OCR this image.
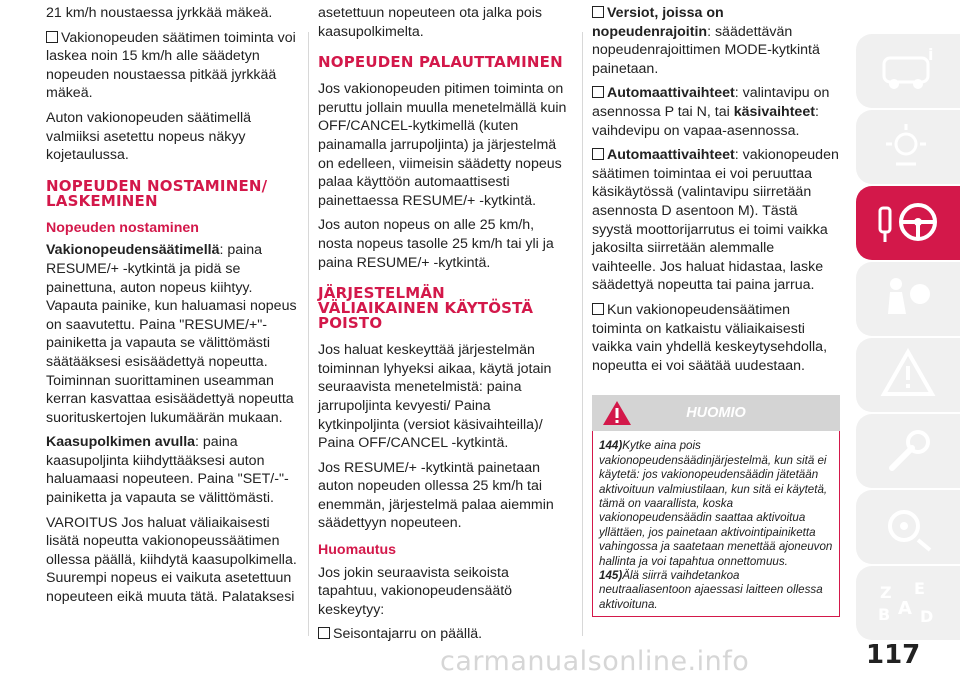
21 km/h noustaessa jyrkkää mäkeä.

Vakionopeuden säätimen toiminta voi laskea noin 15 km/h alle säädetyn nopeuden noustaessa pitkää jyrkkää mäkeä.

Auton vakionopeuden säätimellä valmiiksi asetettu nopeus näkyy kojetaulussa.

NOPEUDEN NOSTAMINEN/ LASKEMINEN
Nopeuden nostaminen

Vakionopeudensäätimellä: paina RESUME/+ -kytkintä ja pidä se painettuna, auton nopeus kiihtyy. Vapauta painike, kun haluamasi nopeus on saavutettu. Paina "RESUME/+"-painiketta ja vapauta se välittömästi säätääksesi esisäädettyä nopeutta. Toiminnan suorittaminen useamman kerran kasvattaa esisäädettyä nopeutta suorituskertojen lukumäärän mukaan.

Kaasupolkimen avulla: paina kaasupoljinta kiihdyttääksesi auton haluamaasi nopeuteen. Paina "SET/-"-painiketta ja vapauta se välittömästi.

VAROITUS Jos haluat väliaikaisesti lisätä nopeutta vakionopeussäätimen ollessa päällä, kiihdytä kaasupolkimella. Suurempi nopeus ei vaikuta asetettuun nopeuteen eikä muuta tätä. Palataksesi

asetettuun nopeuteen ota jalka pois kaasupolkimelta.

NOPEUDEN PALAUTTAMINEN

Jos vakionopeuden pitimen toiminta on peruttu jollain muulla menetelmällä kuin OFF/CANCEL-kytkimellä (kuten painamalla jarrupoljinta) ja järjestelmä on edelleen, viimeisin säädetty nopeus palaa käyttöön automaattisesti painettaessa RESUME/+ -kytkintä.

Jos auton nopeus on alle 25 km/h, nosta nopeus tasolle 25 km/h tai yli ja paina RESUME/+ -kytkintä.

JÄRJESTELMÄN VÄLIAIKAINEN KÄYTÖSTÄ POISTO

Jos haluat keskeyttää järjestelmän toiminnan lyhyeksi aikaa, käytä jotain seuraavista menetelmistä: paina jarrupoljinta kevyesti/ Paina kytkinpoljinta (versiot käsivaihteilla)/ Paina OFF/CANCEL -kytkintä.

Jos RESUME/+ -kytkintä painetaan auton nopeuden ollessa 25 km/h tai enemmän, järjestelmä palaa aiemmin säädettyyn nopeuteen.

Huomautus

Jos jokin seuraavista seikoista tapahtuu, vakionopeudensäätö keskeytyy:

Seisontajarru on päällä.

Versiot, joissa on nopeudenrajoitin: säädettävän nopeudenrajoittimen MODE-kytkintä painetaan.

Automaattivaihteet: valintavipu on asennossa P tai N, tai käsivaihteet: vaihdevipu on vapaa-asennossa.

Automaattivaihteet: vakionopeuden säätimen toimintaa ei voi peruuttaa käsikäytössä (valintavipu siirretään asennosta D asentoon M). Tästä syystä moottorijarrutus ei toimi vaikka jakosilta siirretään alemmalle vaihteelle. Jos haluat hidastaa, laske säädettyä nopeutta tai paina jarrua.

Kun vakionopeudensäätimen toiminta on katkaistu väliaikaisesti vaikka vain yhdellä keskeytysehdolla, nopeutta ei voi säätää uudestaan.

HUOMIO
144)Kytke aina pois vakionopeudensäädinjärjestelmä, kun sitä ei käytetä: jos vakionopeudensäädin jätetään aktivoituun valmiustilaan, kun sitä ei käytetä, tämä on vaarallista, koska vakionopeudensäädin saattaa aktivoitua yllättäen, jos painetaan aktivointipainiketta vahingossa ja saatetaan menettää ajoneuvon hallinta ja voi tapahtua onnettomuus.
145)Älä siirrä vaihdetankoa neutraaliasentoon ajaessasi laitteen ollessa aktivoituna.
i
Z E
B A D
117
carmanualsonline.info
